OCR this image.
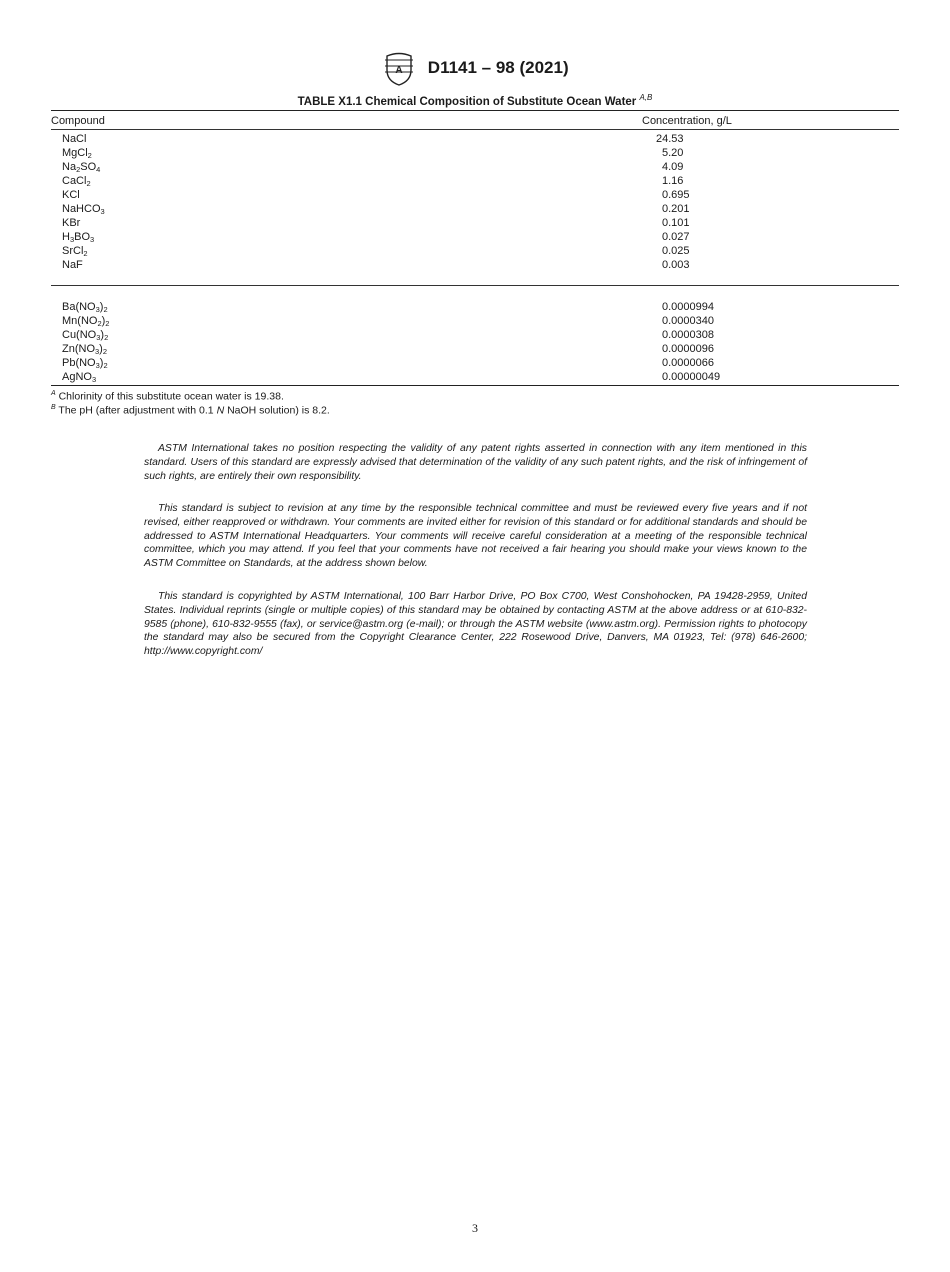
A D1141 – 98 (2021)
TABLE X1.1 Chemical Composition of Substitute Ocean Water $^{A,B}$
Compound	Concentration, g/L
NaCl	24.53
MgCl$_2$	5.20
$Na_2SO_4$	4.09
CaCl$_2$	1.16
KCl	0.695
NaHCO$_3$	0.201
KBr	0.101
$H_3BO_3$	0.027
SrCl$_2$	0.025
NaF	0.003
$Ba(NO_3)_2$	0.0000994
$Mn(NO_2)_2$	0.0000340
$Cu(NO_3)_2$	0.0000308
$Zn(NO_3)_2$	0.0000096
$Pb(NO_3)_2$	0.0000066
AgNO$_3$	0.00000049
$^A$ Chlorinity of this substitute ocean water is 19.38.
$^B$ The pH (after adjustment with 0.1 N NaOH solution) is 8.2.

ASTM International takes no position respecting the validity of any patent rights asserted in connection with any item mentioned in this standard. Users of this standard are expressly advised that determination of the validity of any such patent rights, and the risk of infringement of such rights, are entirely their own responsibility.

This standard is subject to revision at any time by the responsible technical committee and must be reviewed every five years and if not revised, either reapproved or withdrawn. Your comments are invited either for revision of this standard or for additional standards and should be addressed to ASTM International Headquarters. Your comments will receive careful consideration at a meeting of the responsible technical committee, which you may attend. If you feel that your comments have not received a fair hearing you should make your views known to the ASTM Committee on Standards, at the address shown below.

This standard is copyrighted by ASTM International, 100 Barr Harbor Drive, PO Box C700, West Conshohocken, PA 19428-2959, United States. Individual reprints (single or multiple copies) of this standard may be obtained by contacting ASTM at the above address or at 610-832-9585 (phone), 610-832-9555 (fax), or service@astm.org (e-mail); or through the ASTM website (www.astm.org). Permission rights to photocopy the standard may also be secured from the Copyright Clearance Center, 222 Rosewood Drive, Danvers, MA 01923, Tel: (978) 646-2600; http://www.copyright.com/

3
